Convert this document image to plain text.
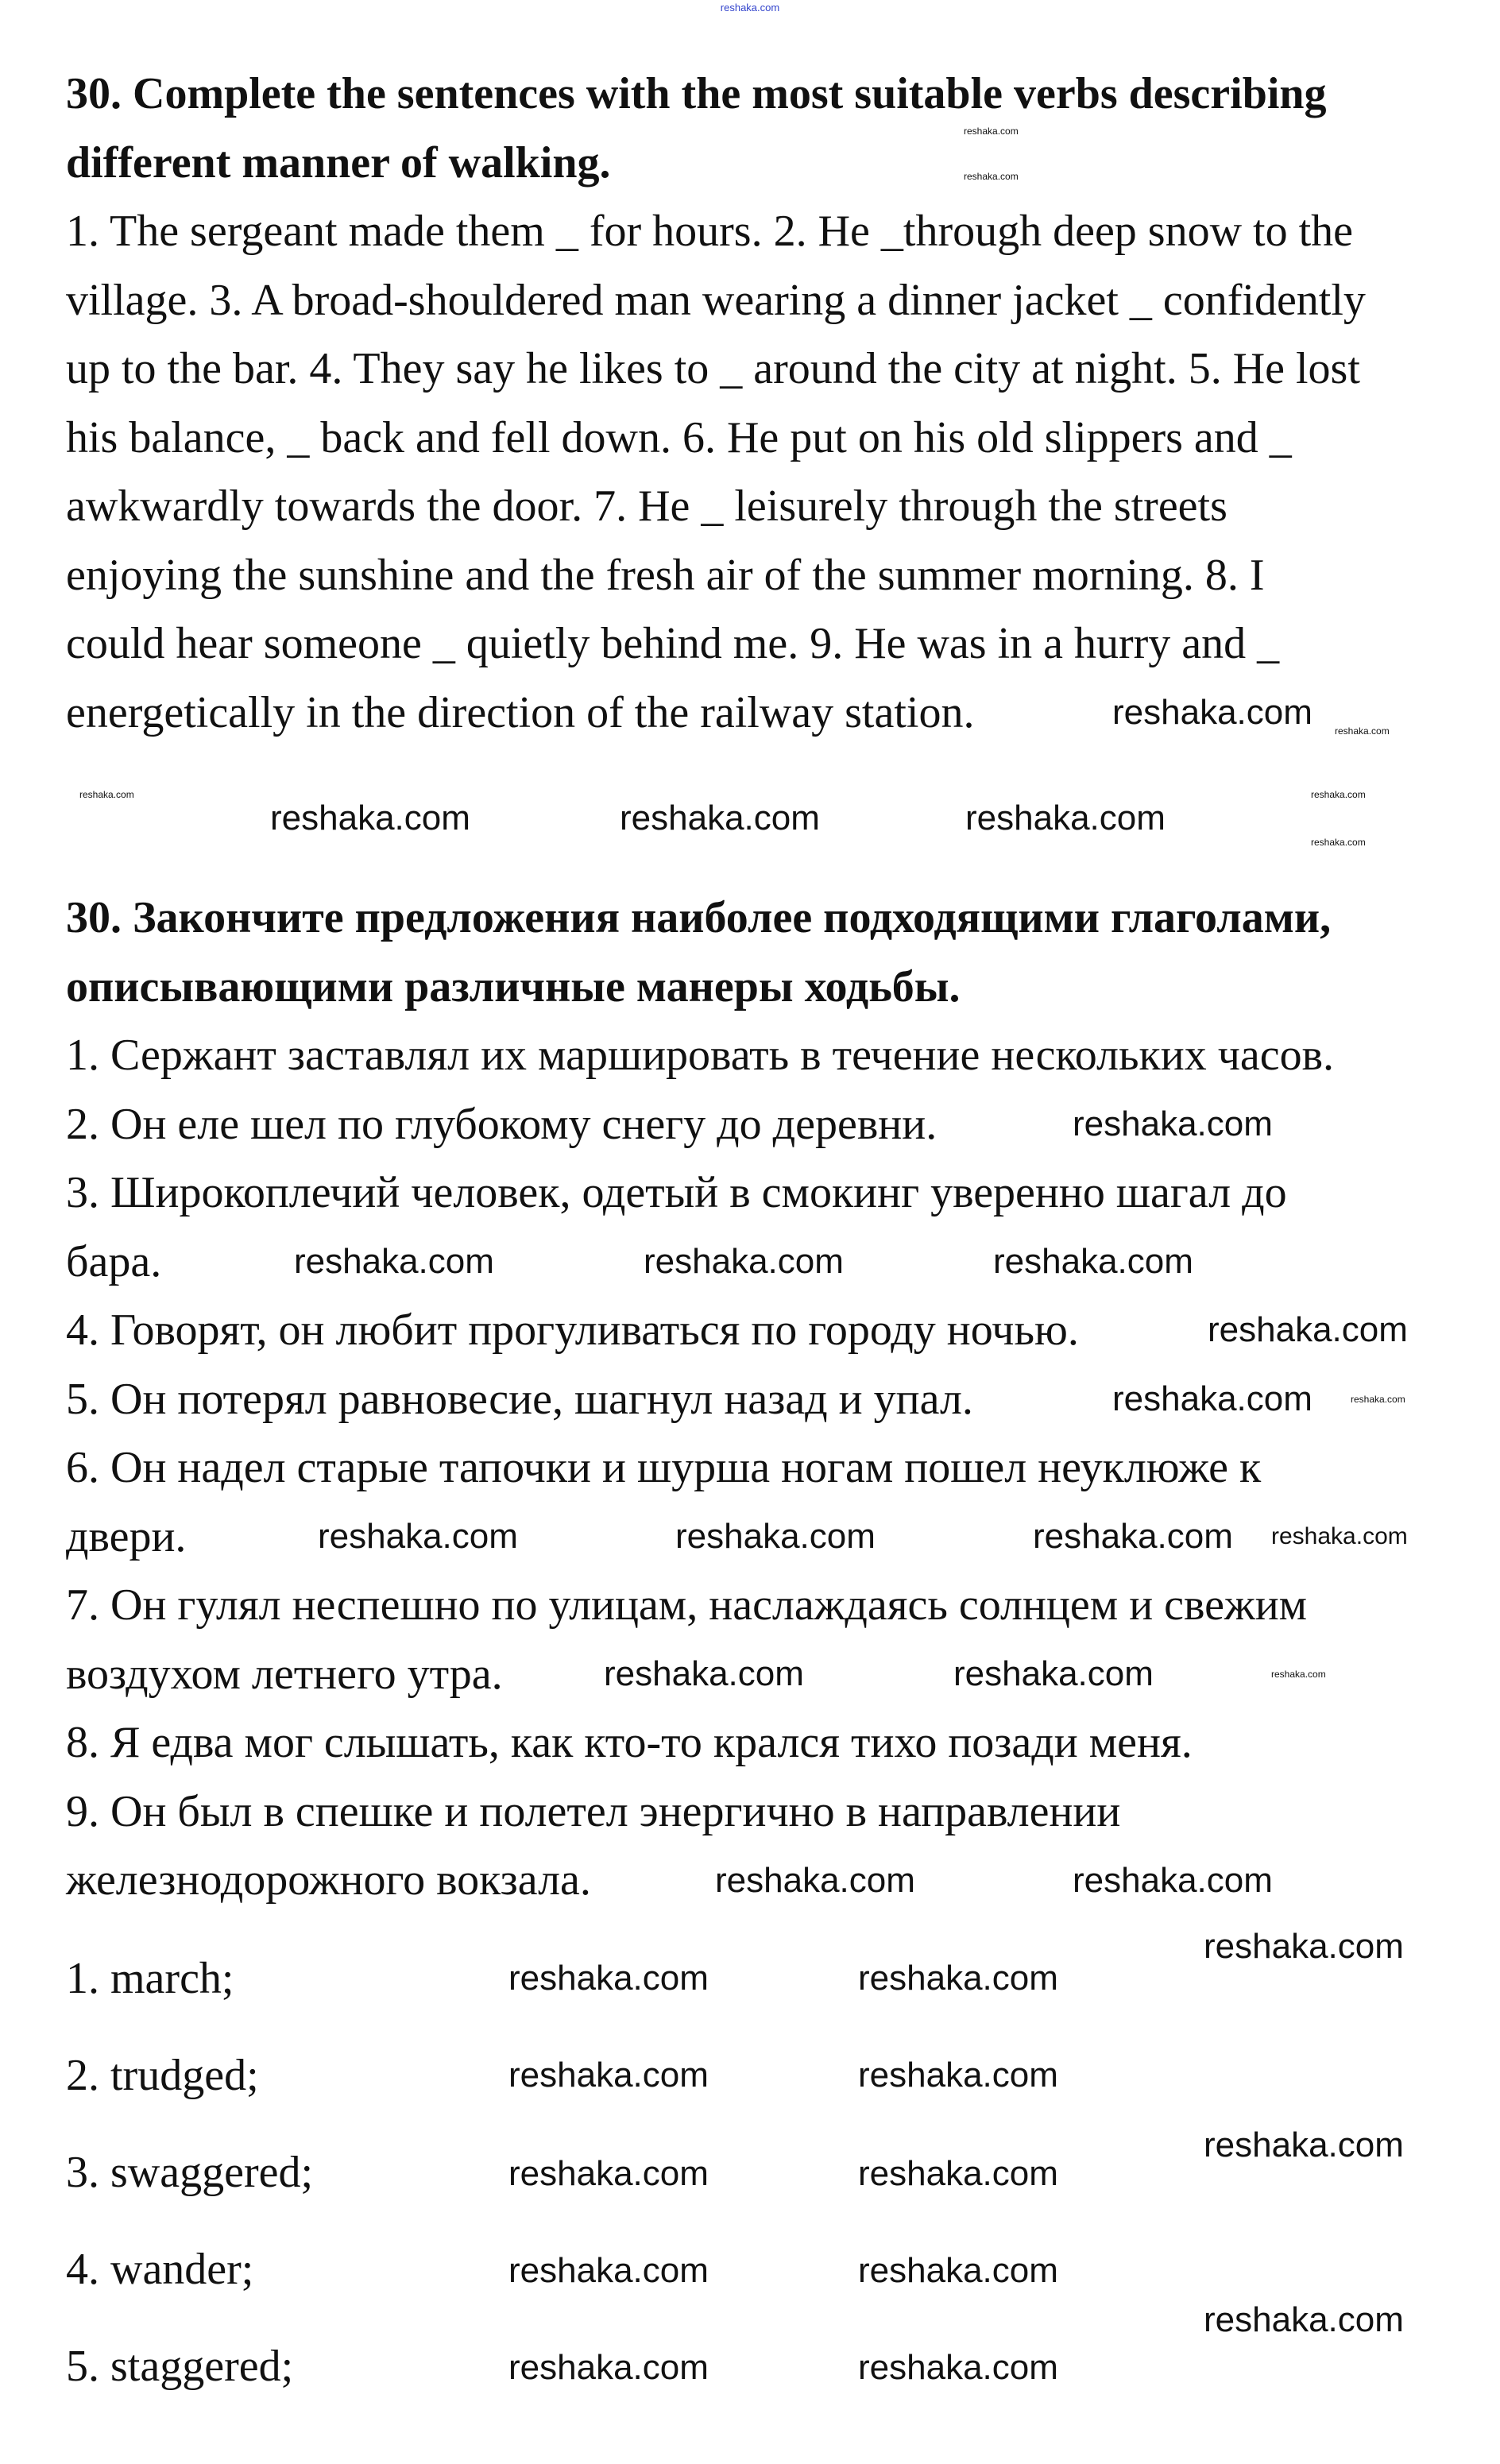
reshaka.com
30. Complete the sentences with the most suitable verbs describing
different manner of walking.
1. The sergeant made them _ for hours. 2. He _through deep snow to the
village. 3. A broad-shouldered man wearing a dinner jacket _ confidently
up to the bar. 4. They say he likes to _ around the city at night. 5. He lost
his balance, _ back and fell down. 6. He put on his old slippers and _
awkwardly towards the door. 7. He _ leisurely through the streets
enjoying the sunshine and the fresh air of the summer morning. 8. I
could hear someone _ quietly behind me. 9. He was in a hurry and _
energetically in the direction of the railway station.
30. Закончите предложения наиболее подходящими глаголами,
описывающими различные манеры ходьбы.
1. Сержант заставлял их маршировать в течение нескольких часов.
2. Он еле шел по глубокому снегу до деревни.
3. Широкоплечий человек, одетый в смокинг уверенно шагал до
бара.
4. Говорят, он любит прогуливаться по городу ночью.
5. Он потерял равновесие, шагнул назад и упал.
6. Он надел старые тапочки и шурша ногам пошел неуклюже к
двери.
7. Он гулял неспешно по улицам, наслаждаясь солнцем и свежим
воздухом летнего утра.
8. Я едва мог слышать, как кто-то крался тихо позади меня.
9. Он был в спешке и полетел энергично в направлении
железнодорожного вокзала.
1. march;
2. trudged;
3. swaggered;
4. wander;
5. staggered;
reshaka.com
reshaka.com
reshaka.com reshaka.com
reshaka.com	reshaka.com	reshaka.com
reshaka.com	reshaka.com
reshaka.com
reshaka.com
reshaka.com	reshaka.com	reshaka.com
reshaka.com
reshaka.com	reshaka.com
reshaka.com	reshaka.com	reshaka.com reshaka.com
reshaka.com	reshaka.com	reshaka.com
reshaka.com	reshaka.com
reshaka.com	reshaka.com
reshaka.com
reshaka.com	reshaka.com
reshaka.com	reshaka.com
reshaka.com
reshaka.com	reshaka.com
reshaka.com	reshaka.com
reshaka.com
